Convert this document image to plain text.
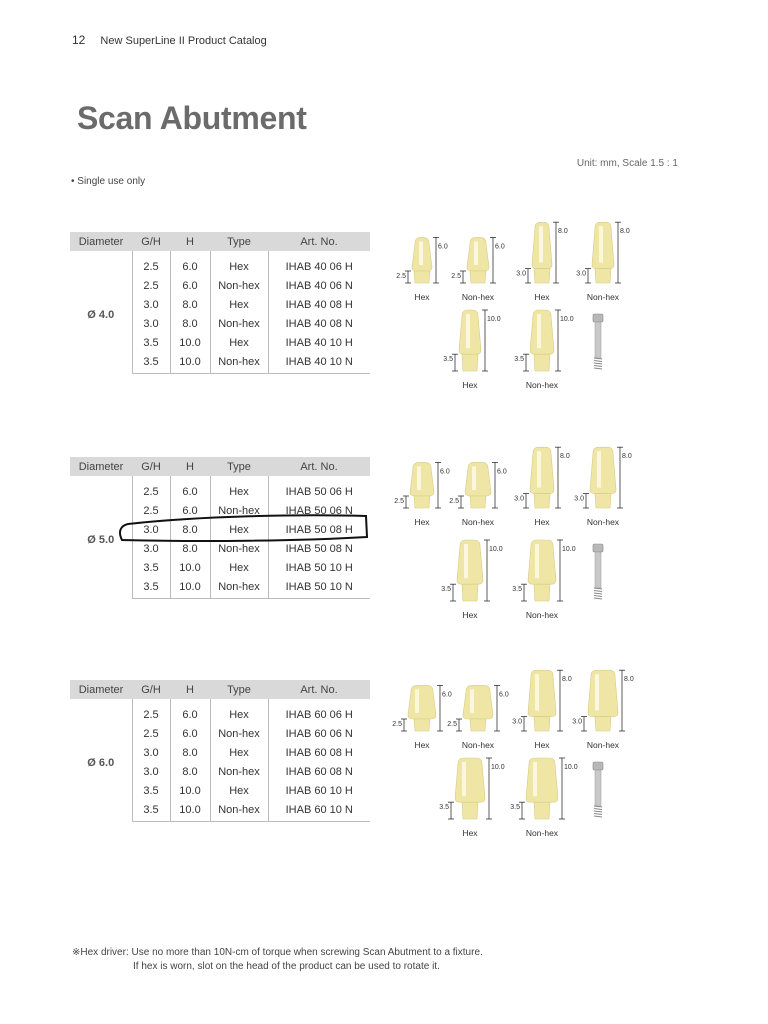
12 New SuperLine II Product Catalog
Scan Abutment
Unit: mm, Scale 1.5 : 1
• Single use only
Diameter	G/H	H	Type	Art. No.
Ø 4.0	2.5	6.0	Hex	IHAB 40 06 H
	2.5	6.0	Non-hex	IHAB 40 06 N
	3.0	8.0	Hex	IHAB 40 08 H
	3.0	8.0	Non-hex	IHAB 40 08 N
	3.5	10.0	Hex	IHAB 40 10 H
	3.5	10.0	Non-hex	IHAB 40 10 N
Diameter	G/H	H	Type	Art. No.
Ø 5.0	2.5	6.0	Hex	IHAB 50 06 H
	2.5	6.0	Non-hex	IHAB 50 06 N
	3.0	8.0	Hex	IHAB 50 08 H
	3.0	8.0	Non-hex	IHAB 50 08 N
	3.5	10.0	Hex	IHAB 50 10 H
	3.5	10.0	Non-hex	IHAB 50 10 N
Diameter	G/H	H	Type	Art. No.
Ø 6.0	2.5	6.0	Hex	IHAB 60 06 H
	2.5	6.0	Non-hex	IHAB 60 06 N
	3.0	8.0	Hex	IHAB 60 08 H
	3.0	8.0	Non-hex	IHAB 60 08 N
	3.5	10.0	Hex	IHAB 60 10 H
	3.5	10.0	Non-hex	IHAB 60 10 N
6.0
2.5
Hex
6.0
2.5
Non-hex
8.0
3.0
Hex
8.0
3.0
Non-hex
10.0
3.5
Hex
10.0
3.5
Non-hex
6.0
2.5
Hex
6.0
2.5
Non-hex
8.0
3.0
Hex
8.0
3.0
Non-hex
10.0
3.5
Hex
10.0
3.5
Non-hex
6.0
2.5
Hex
6.0
2.5
Non-hex
8.0
3.0
Hex
8.0
3.0
Non-hex
10.0
3.5
Hex
10.0
3.5
Non-hex
※Hex driver: Use no more than 10N-cm of torque when screwing Scan Abutment to a fixture.
If hex is worn, slot on the head of the product can be used to rotate it.
